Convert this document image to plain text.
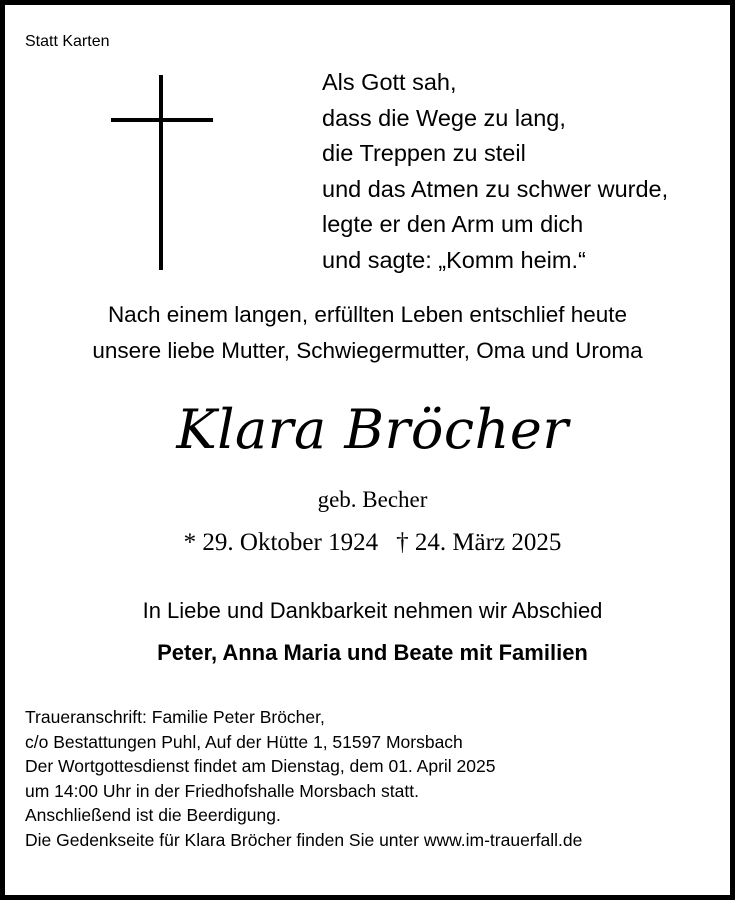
Statt Karten
Als Gott sah,
dass die Wege zu lang,
die Treppen zu steil
und das Atmen zu schwer wurde,
legte er den Arm um dich
und sagte: „Komm heim.“
Nach einem langen, erfüllten Leben entschlief heute
unsere liebe Mutter, Schwiegermutter, Oma und Uroma
Klara Bröcher
geb. Becher
* 29. Oktober 1924 † 24. März 2025
In Liebe und Dankbarkeit nehmen wir Abschied
Peter, Anna Maria und Beate mit Familien
Traueranschrift: Familie Peter Bröcher,
c/o Bestattungen Puhl, Auf der Hütte 1, 51597 Morsbach
Der Wortgottesdienst findet am Dienstag, dem 01. April 2025
um 14:00 Uhr in der Friedhofshalle Morsbach statt.
Anschließend ist die Beerdigung.
Die Gedenkseite für Klara Bröcher finden Sie unter www.im-trauerfall.de
